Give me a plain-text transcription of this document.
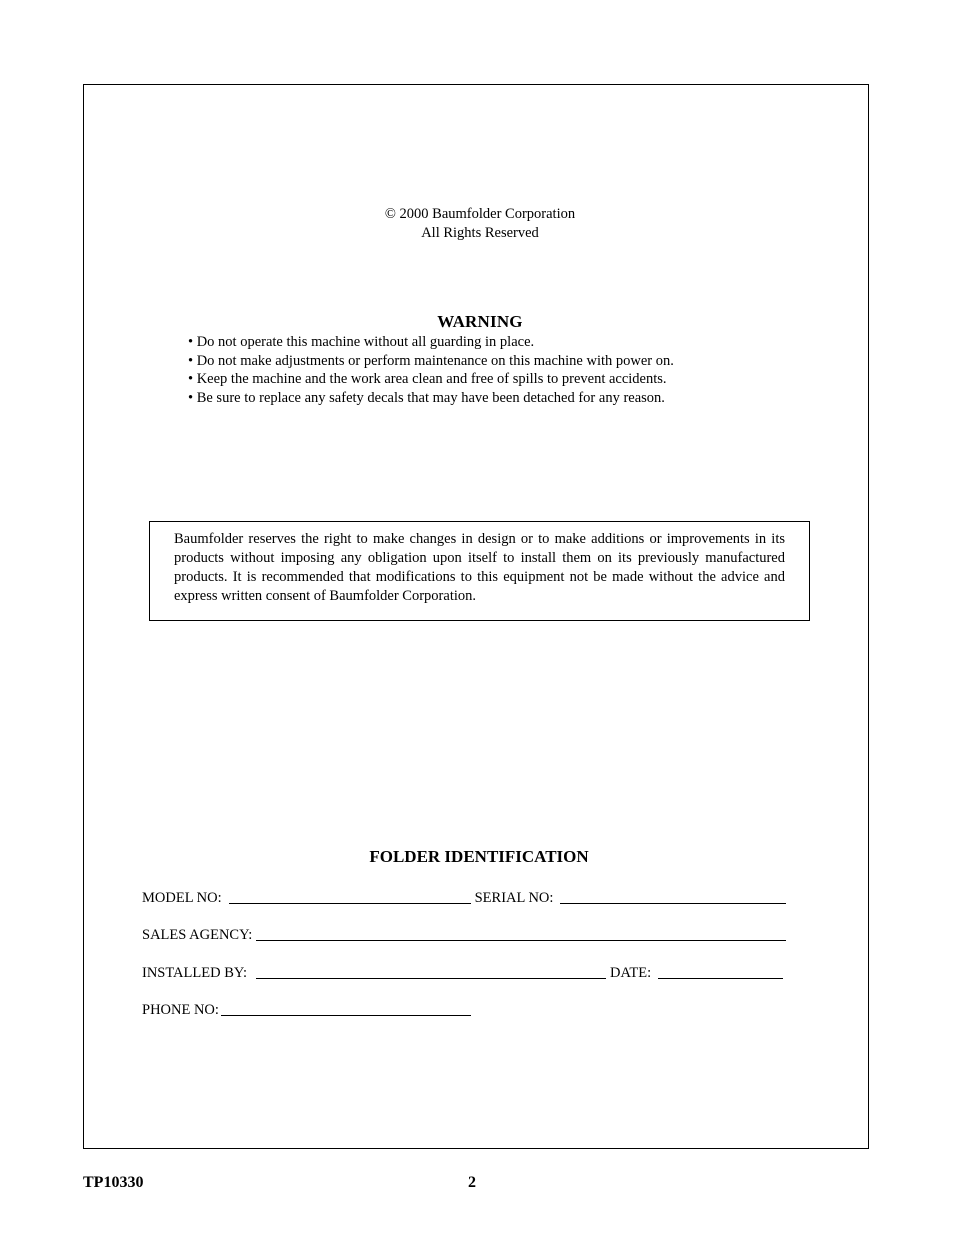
© 2000 Baumfolder Corporation
All Rights Reserved
WARNING
• Do not operate this machine without all guarding in place.
• Do not make adjustments or perform maintenance on this machine with power on.
• Keep the machine and the work area clean and free of spills to prevent accidents.
• Be sure to replace any safety decals that may have been detached for any reason.
Baumfolder reserves the right to make changes in design or to make additions or improvements in its products without imposing any obligation upon itself to install them on its previously manufactured products. It is recommended that modifications to this equipment not be made without the advice and express written consent of Baumfolder Corporation.
FOLDER IDENTIFICATION
MODEL NO:	SERIAL NO:
SALES AGENCY:
INSTALLED BY:	DATE:
PHONE NO:
TP10330	2
